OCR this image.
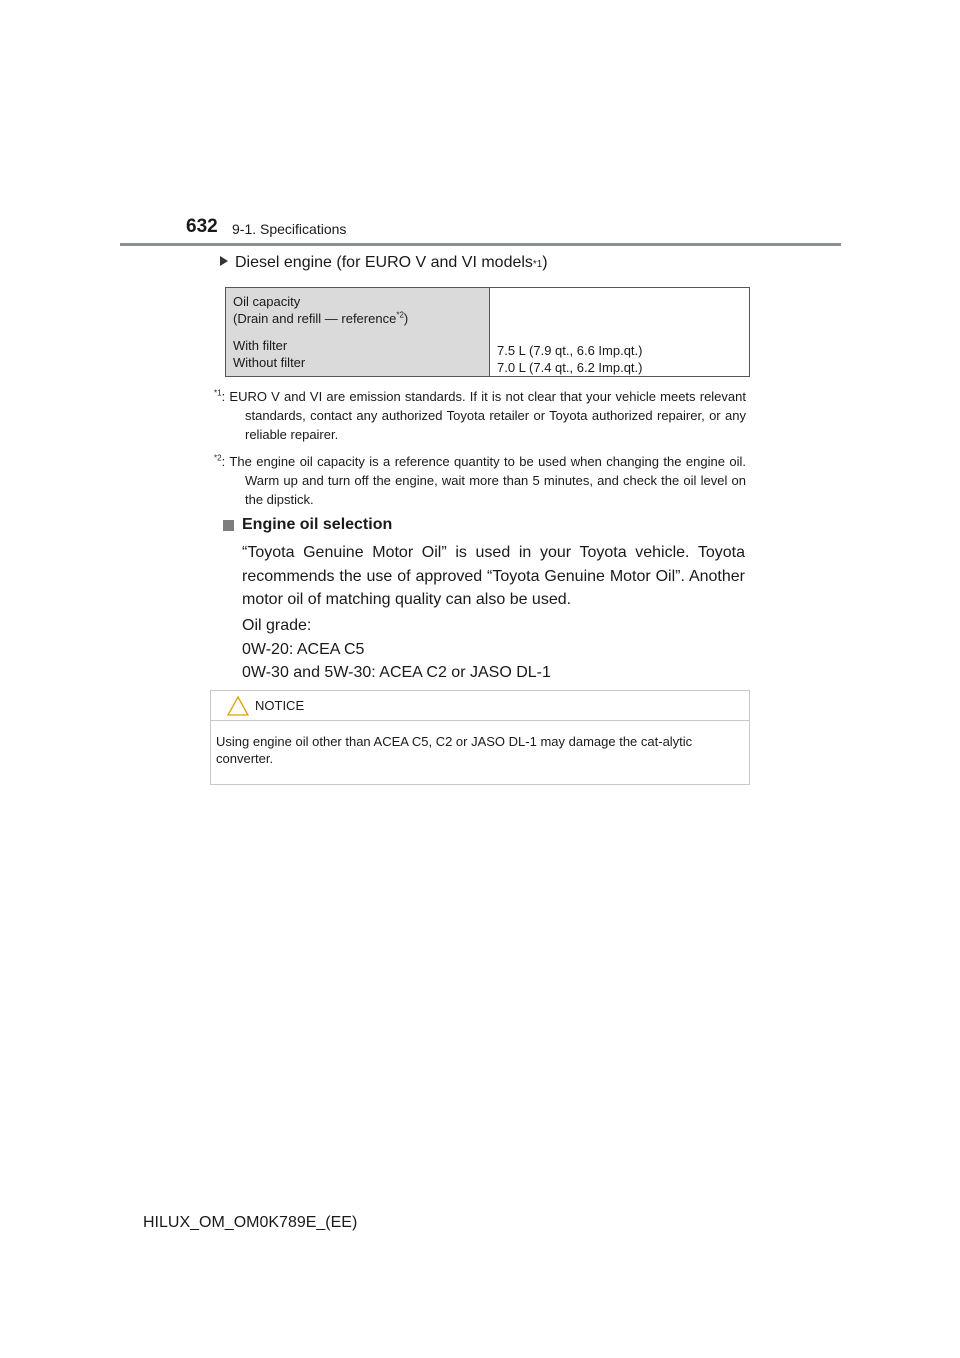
632 9-1. Specifications
Diesel engine (for EURO V and VI models *1 )
Oil capacity
(Drain and refill — reference$^{*2}$)
With filter
Without filter
7.5 L (7.9 qt., 6.6 Imp.qt.)
7.0 L (7.4 qt., 6.2 Imp.qt.)
$^{*1}$: EURO V and VI are emission standards. If it is not clear that your vehicle meets relevant standards, contact any authorized Toyota retailer or Toyota authorized repairer, or any reliable repairer.
$^{*2}$: The engine oil capacity is a reference quantity to be used when changing the engine oil. Warm up and turn off the engine, wait more than 5 minutes, and check the oil level on the dipstick.
Engine oil selection
“Toyota Genuine Motor Oil” is used in your Toyota vehicle. Toyota recommends the use of approved “Toyota Genuine Motor Oil”. Another motor oil of matching quality can also be used.
Oil grade:
0W-20: ACEA C5
0W-30 and 5W-30: ACEA C2 or JASO DL-1
NOTICE
Using engine oil other than ACEA C5, C2 or JASO DL-1 may damage the cat-alytic converter.
HILUX_OM_OM0K789E_(EE)
